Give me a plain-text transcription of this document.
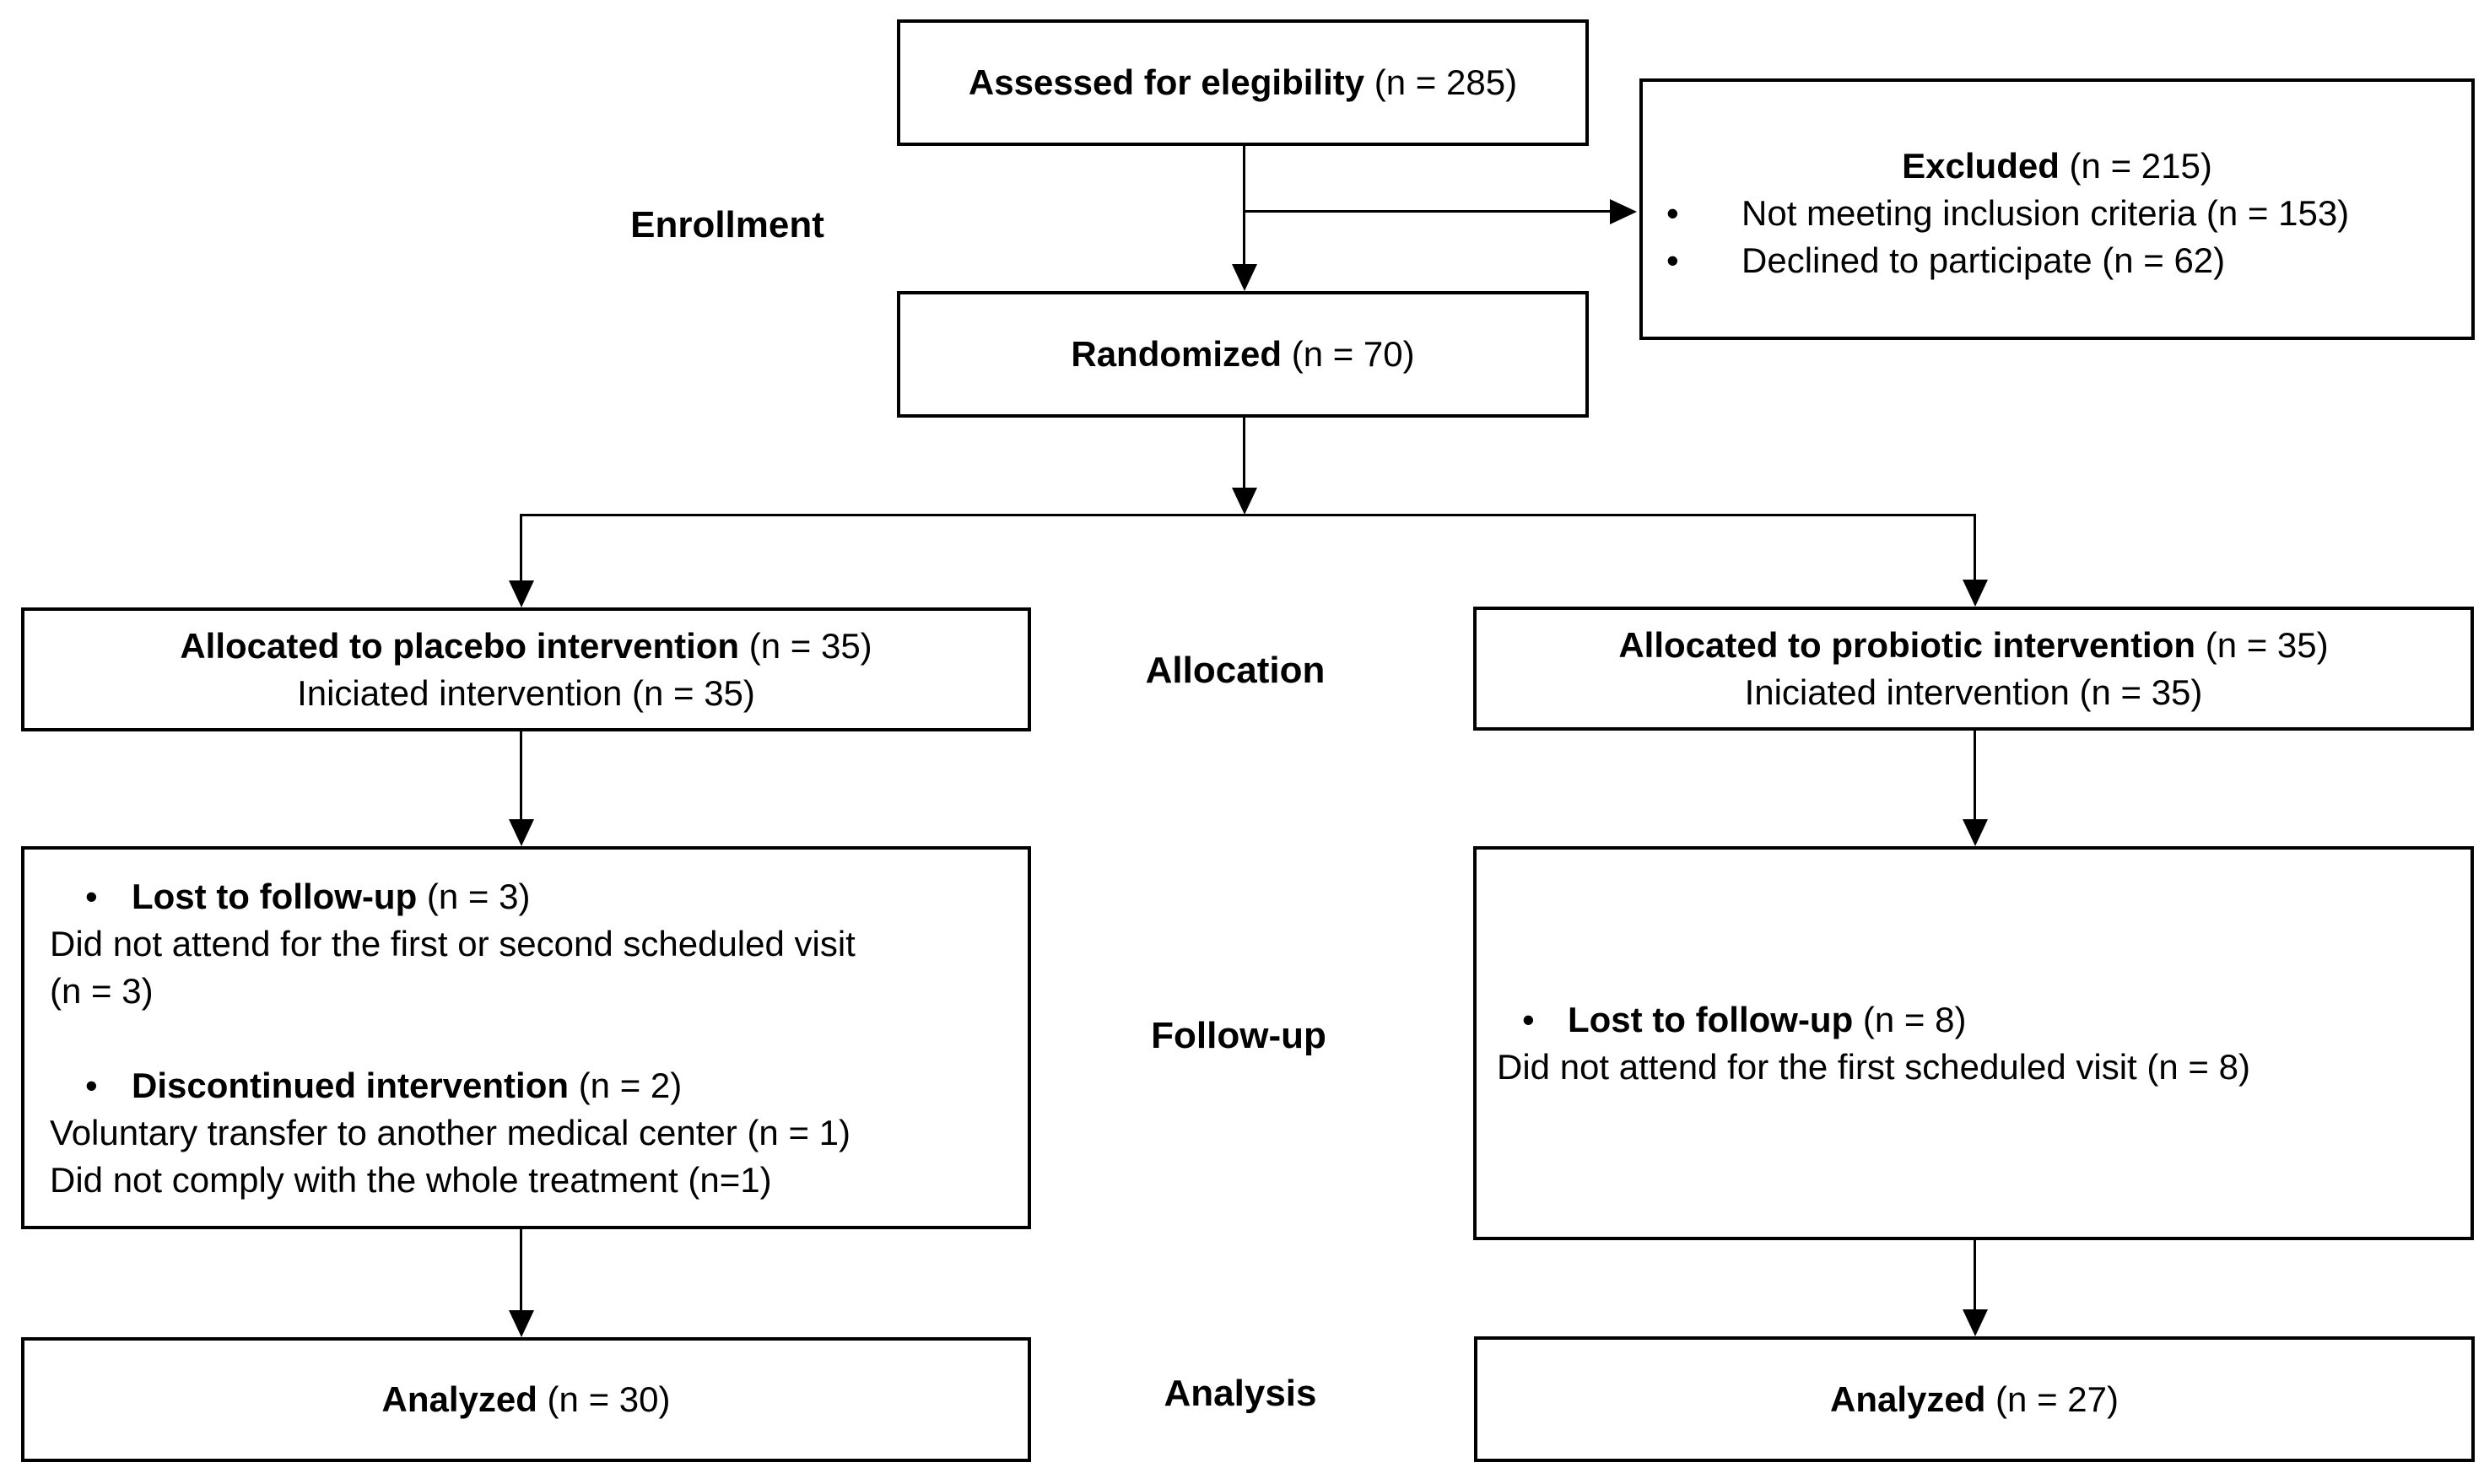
Assessed for elegibility (n = 285)
Excluded (n = 215)
• Not meeting inclusion criteria (n = 153)
• Declined to participate (n = 62)
Randomized (n = 70)
Allocated to placebo intervention (n = 35)
Iniciated intervention (n = 35)
Allocated to probiotic intervention (n = 35)
Iniciated intervention (n = 35)
• Lost to follow-up (n = 3)
Did not attend for the first or second scheduled visit
(n = 3)
• Discontinued intervention (n = 2)
Voluntary transfer to another medical center (n = 1)
Did not comply with the whole treatment (n=1)
• Lost to follow-up (n = 8)
Did not attend for the first scheduled visit (n = 8)
Analyzed (n = 30)	Analyzed (n = 27)
Enrollment
Allocation
Follow-up
Analysis
